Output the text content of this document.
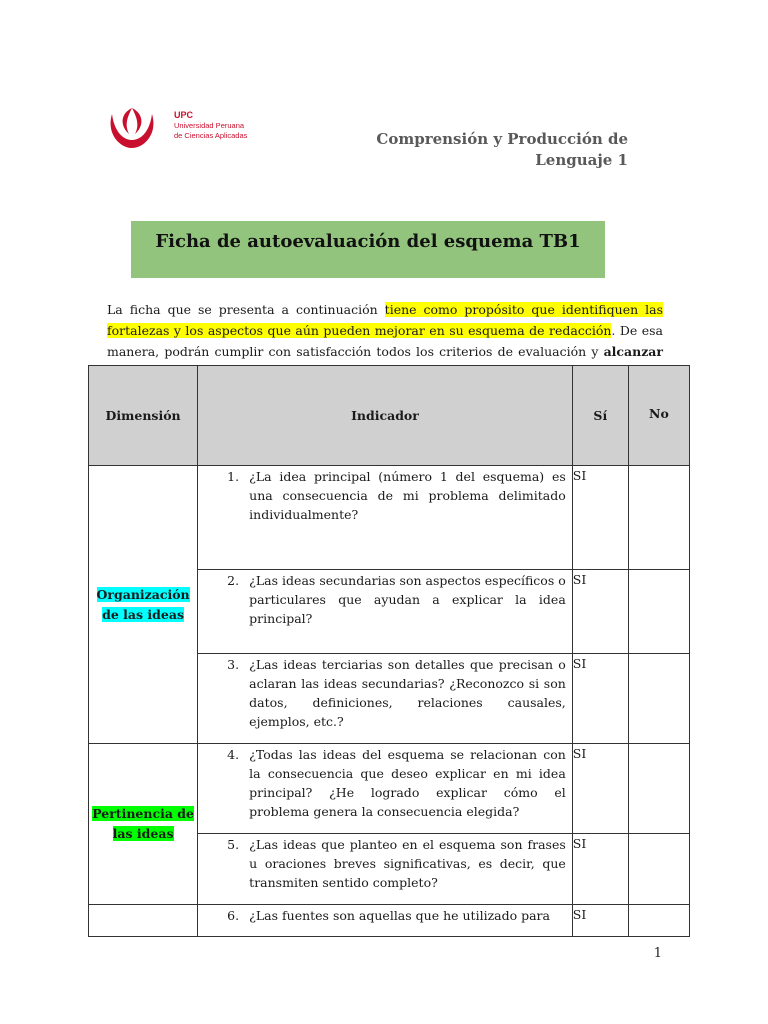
UPC
Universidad Peruana
de Ciencias Aplicadas	Comprensión y Producción de
Lenguaje 1
Ficha de autoevaluación del esquema TB1

La ficha que se presenta a continuación tiene como propósito que identifiquen las fortalezas y los aspectos que aún pueden mejorar en su esquema de redacción. De esa manera, podrán cumplir con satisfacción todos los criterios de evaluación y alcanzar

Dimensión	Indicador	Sí	No
Organización de las ideas	1. ¿La idea principal (número 1 del esquema) es una consecuencia de mi problema delimitado individualmente?	SI	

	2. ¿Las ideas secundarias son aspectos específicos o particulares que ayudan a explicar la idea principal?	SI	

	3. ¿Las ideas terciarias son detalles que precisan o aclaran las ideas secundarias? ¿Reconozco si son datos, definiciones, relaciones causales, ejemplos, etc.?	SI	
Pertinencia de las ideas	4. ¿Todas las ideas del esquema se relacionan con la consecuencia que deseo explicar en mi idea principal? ¿He logrado explicar cómo el problema genera la consecuencia elegida?	SI	

	5. ¿Las ideas que planteo en el esquema son frases u oraciones breves significativas, es decir, que transmiten sentido completo?	SI	

	6. ¿Las fuentes son aquellas que he utilizado para	SI	
1
